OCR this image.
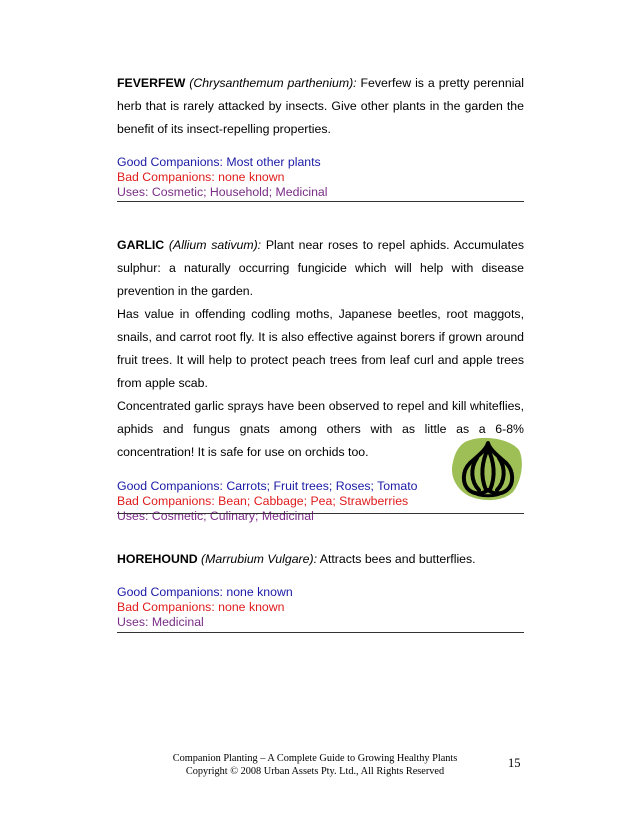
FEVERFEW (Chrysanthemum parthenium): Feverfew is a pretty perennial herb that is rarely attacked by insects. Give other plants in the garden the benefit of its insect-repelling properties.

Good Companions: Most other plants

Bad Companions: none known

Uses: Cosmetic; Household; Medicinal

GARLIC (Allium sativum): Plant near roses to repel aphids. Accumulates sulphur: a naturally occurring fungicide which will help with disease prevention in the garden.

Has value in offending codling moths, Japanese beetles, root maggots, snails, and carrot root fly. It is also effective against borers if grown around fruit trees. It will help to protect peach trees from leaf curl and apple trees from apple scab.

Concentrated garlic sprays have been observed to repel and kill whiteflies, aphids and fungus gnats among others with as little as a 6-8% concentration! It is safe for use on orchids too.

Good Companions: Carrots; Fruit trees; Roses; Tomato

Bad Companions: Bean; Cabbage; Pea; Strawberries

Uses: Cosmetic; Culinary; Medicinal

HOREHOUND (Marrubium Vulgare): Attracts bees and butterflies.

Good Companions: none known

Bad Companions: none known

Uses: Medicinal

Companion Planting – A Complete Guide to Growing Healthy Plants
Copyright © 2008 Urban Assets Pty. Ltd., All Rights Reserved
15
